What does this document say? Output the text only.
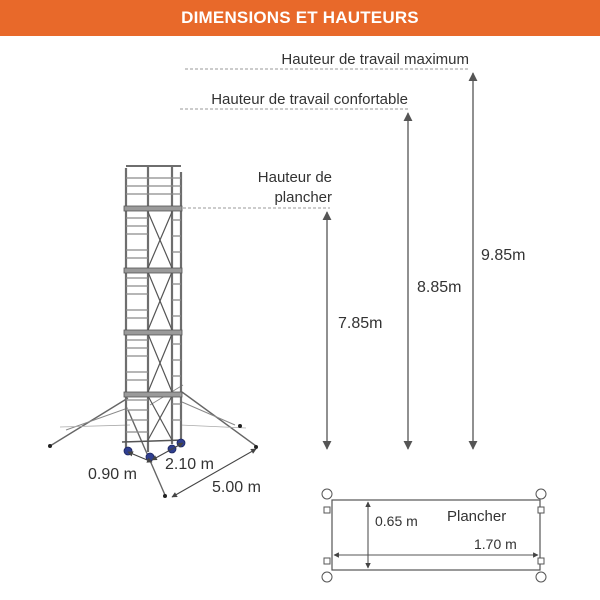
DIMENSIONS ET HAUTEURS
Hauteur de travail maximum
Hauteur de travail confortable
Hauteur de
plancher
7.85m
8.85m
9.85m
0.90 m
2.10 m
5.00 m
0.65 m Plancher
1.70 m
